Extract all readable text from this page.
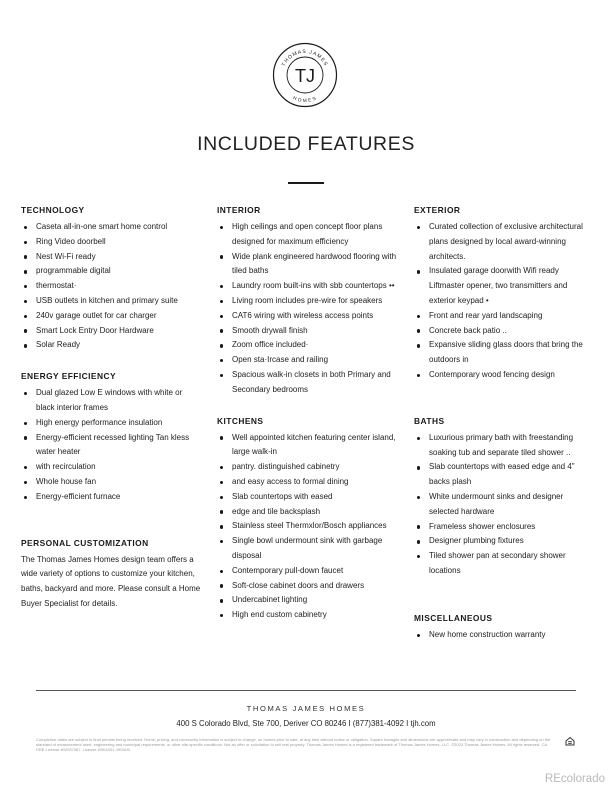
THOMAS JAMES
HOMES
TJ
INCLUDED FEATURES
TECHNOLOGY
Caseta all-in-one smart home control
Ring Video doorbell
Nest Wi-Fi ready
programmable digital
thermostat·
USB outlets in kitchen and primary suite
240v garage outlet for car charger
Smart Lock Entry Door Hardware
Solar Ready
ENERGY EFFICIENCY
Dual glazed Low E windows with white or black interior frames
High energy performance insulation
Energy-efficient recessed lighting Tan kless water heater
with recirculation
Whole house fan
Energy-efficient furnace
PERSONAL CUSTOMIZATION

The Thomas James Homes design team offers a wide variety of options to customize your kitchen, baths, backyard and more. Please consult a Home Buyer Specialist for details.

INTERIOR
High ceilings and open concept floor plans designed for maximum efficiency
Wide plank engineered hardwood flooring with tiled baths
Laundry room built-ins with sbb countertops ••
Living room includes pre-wire for speakers
CAT6 wiring with wireless access points
Smooth drywall finish
Zoom office included·
Open sta·Ircase and railing
Spacious walk-in closets in both Primary and Secondary bedrooms
KITCHENS
Well appointed kitchen featuring center island, large walk-in
pantry. distinguished cabinetry
and easy access to formal dining
Slab countertops with eased
edge and tile backsplash
Stainless steel Thermxlor/Bosch appliances
Single bowl undermount sink with garbage disposal
Contemporary pull-down faucet
Soft-close cabinet doors and drawers
Undercabinet lighting
High end custom cabinetry
EXTERIOR
Curated collection of exclusive architectural plans designed by local award-winning architects.
Insulated garage doorwith Wifi ready Liftmaster opener, two transmitters and exterior keypad •
Front and rear yard landscaping
Concrete back patio ..
Expansive sliding glass doors that bring the outdoors in
Contemporary wood fencing design
BATHS
Luxurious primary bath with freestanding soaking tub and separate tiled shower ..
Slab countertops with eased edge and 4" backs plash
White undermount sinks and designer selected hardware
Frameless shower enclosures
Designer plumbing fixtures
Tiled shower pan at secondary shower locations
MISCELLANEOUS
New home construction warranty
THOMAS JAMES HOMES
400 S Colorado Blvd, Ste 700, Deriver CO 80246 I (877)381-4092 I tjh.com
Completion dates are subject to final permits being received. Home, pricing, and community information is subject to change, on homes prior to sale, at any time without notice or obligation. Square footages and dimensions are approximate and may vary in construction and depending on the standard of measurement used, engineering and municipal requirements, or other site-specific conditions. Not an offer or solicitation to sell real property. Thomas James Homes is a registered trademark of Thomas James Homes, LLC. ©2023 Thomas James Homes. All rights reserved. CA DRE License #02057367. License #SEA201-1903U0.
REcolorado
